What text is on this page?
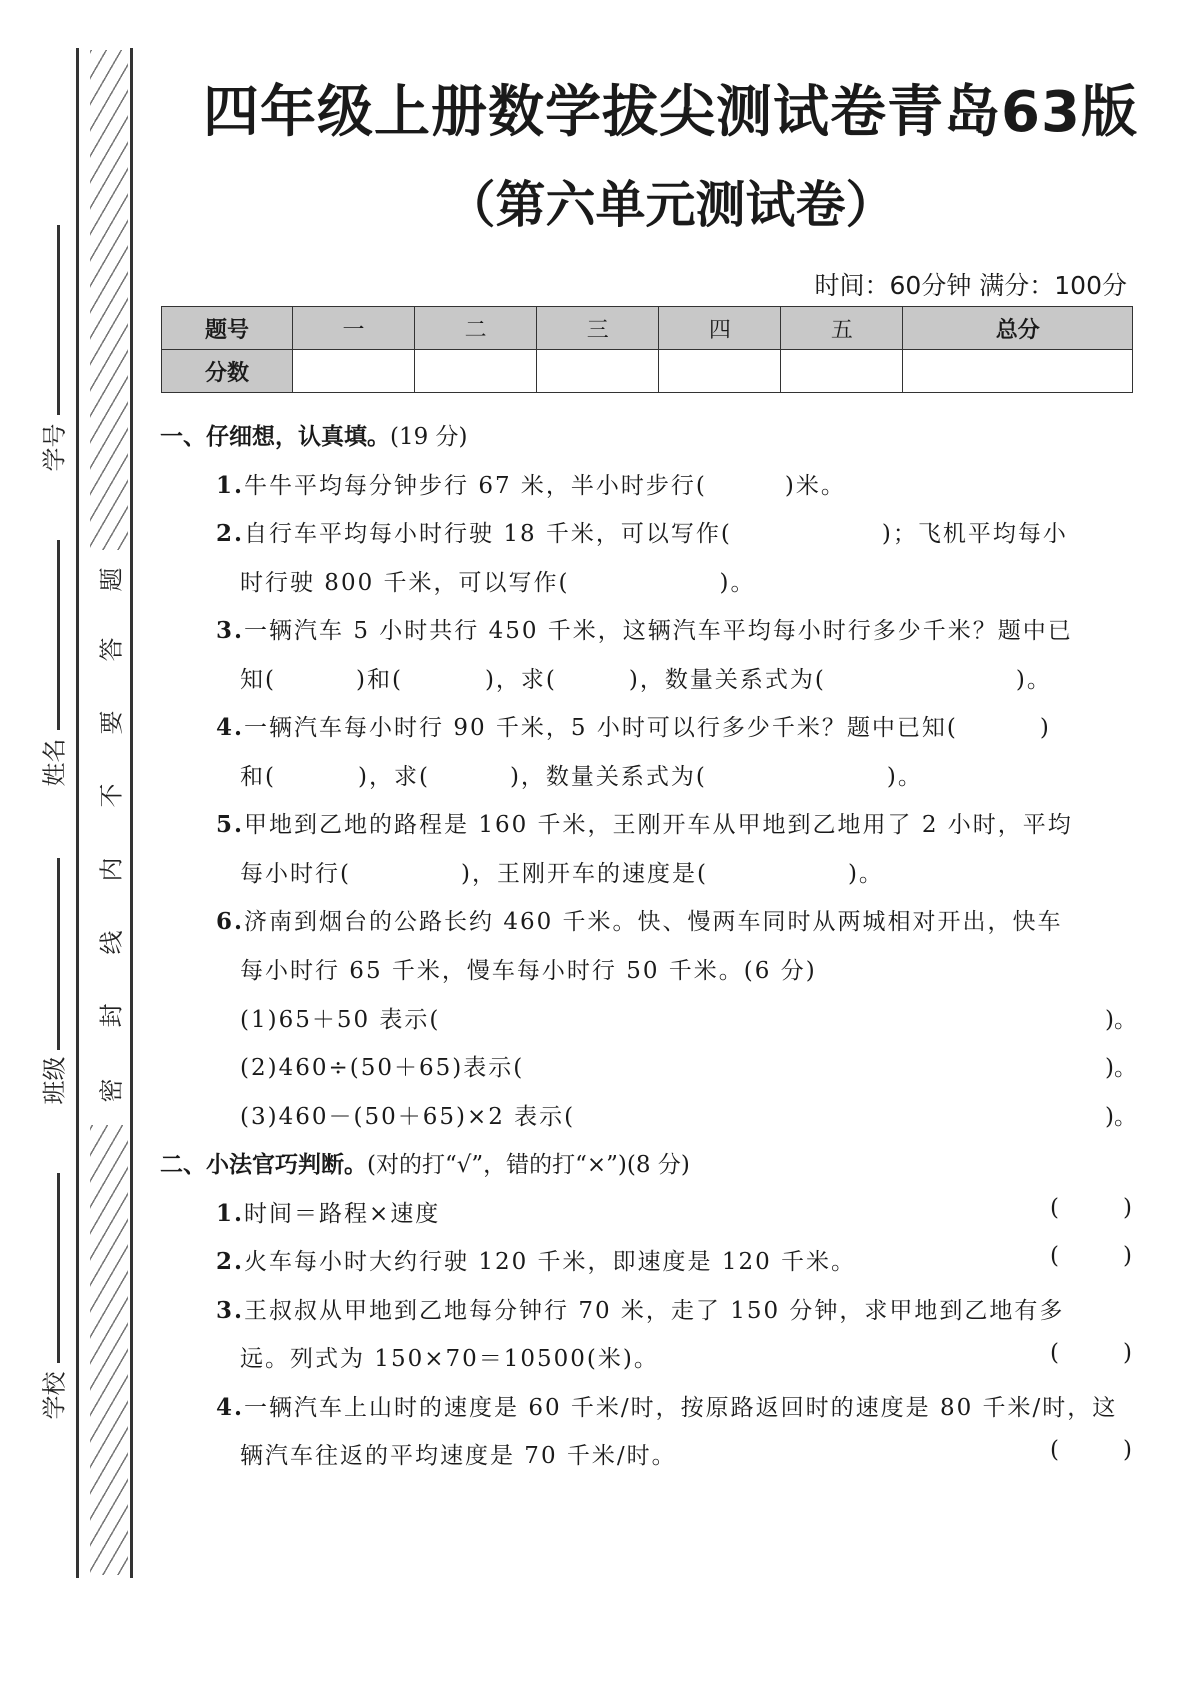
题
答
要
不
内
线
封
密
学号
姓名
班级
学校
四年级上册数学拔尖测试卷青岛63版
（第六单元测试卷）
时间：60分钟 满分：100分
题号	一	二	三	四	五	总分
分数						
一、仔细想，认真填。(19 分)
1.牛牛平均每分钟步行 67 米，半小时步行(	)米。
2.自行车平均每小时行驶 18 千米，可以写作(	)；飞机平均每小
时行驶 800 千米，可以写作(	)。
3.一辆汽车 5 小时共行 450 千米，这辆汽车平均每小时行多少千米？题中已
知(	)和(	)，求(	)，数量关系式为(	)。
4.一辆汽车每小时行 90 千米，5 小时可以行多少千米？题中已知(	)
和(	)，求(	)，数量关系式为(	)。
5.甲地到乙地的路程是 160 千米，王刚开车从甲地到乙地用了 2 小时，平均
每小时行(	)，王刚开车的速度是(	)。
6.济南到烟台的公路长约 460 千米。快、慢两车同时从两城相对开出，快车
每小时行 65 千米，慢车每小时行 50 千米。(6 分)
(1)65＋50 表示(	)。
(2)460÷(50＋65)表示(	)。
(3)460－(50＋65)×2 表示(	)。
二、小法官巧判断。(对的打“√”，错的打“×”)(8 分)
1.时间＝路程×速度	(	)
2.火车每小时大约行驶 120 千米，即速度是 120 千米。	(	)
3.王叔叔从甲地到乙地每分钟行 70 米，走了 150 分钟，求甲地到乙地有多
远。列式为 150×70＝10500(米)。	(	)
4.一辆汽车上山时的速度是 60 千米/时，按原路返回时的速度是 80 千米/时，这
辆汽车往返的平均速度是 70 千米/时。	(	)
